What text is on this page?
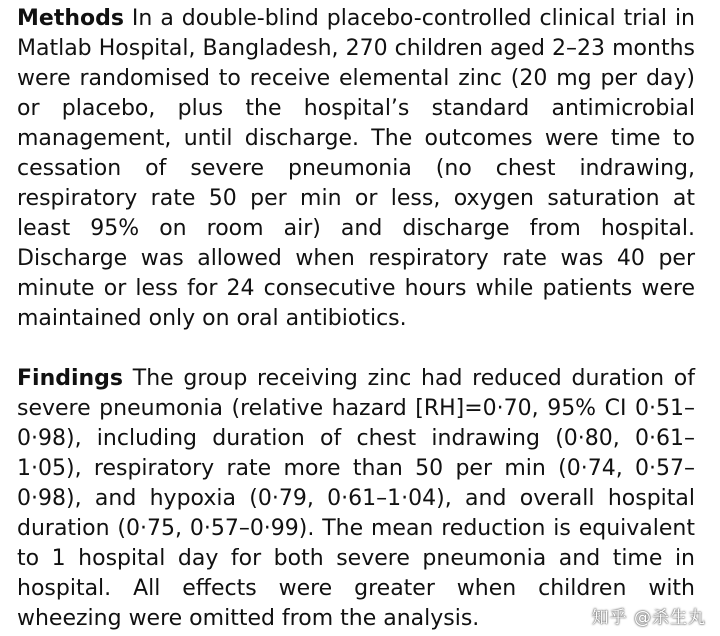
Methods In a double-blind placebo-controlled clinical trial in Matlab Hospital, Bangladesh, 270 children aged 2–23 months were randomised to receive elemental zinc (20 mg per day) or placebo, plus the hospital’s standard antimicrobial management, until discharge. The outcomes were time to cessation of severe pneumonia (no chest indrawing, respiratory rate 50 per min or less, oxygen saturation at least 95% on room air) and discharge from hospital. Discharge was allowed when respiratory rate was 40 per minute or less for 24 consecutive hours while patients were maintained only on oral antibiotics.

Findings The group receiving zinc had reduced duration of severe pneumonia (relative hazard [RH]=0·70, 95% CI 0·51–0·98), including duration of chest indrawing (0·80, 0·61–1·05), respiratory rate more than 50 per min (0·74, 0·57–0·98), and hypoxia (0·79, 0·61–1·04), and overall hospital duration (0·75, 0·57–0·99). The mean reduction is equivalent to 1 hospital day for both severe pneumonia and time in hospital. All effects were greater when children with wheezing were omitted from the analysis.	知乎 @杀生丸
